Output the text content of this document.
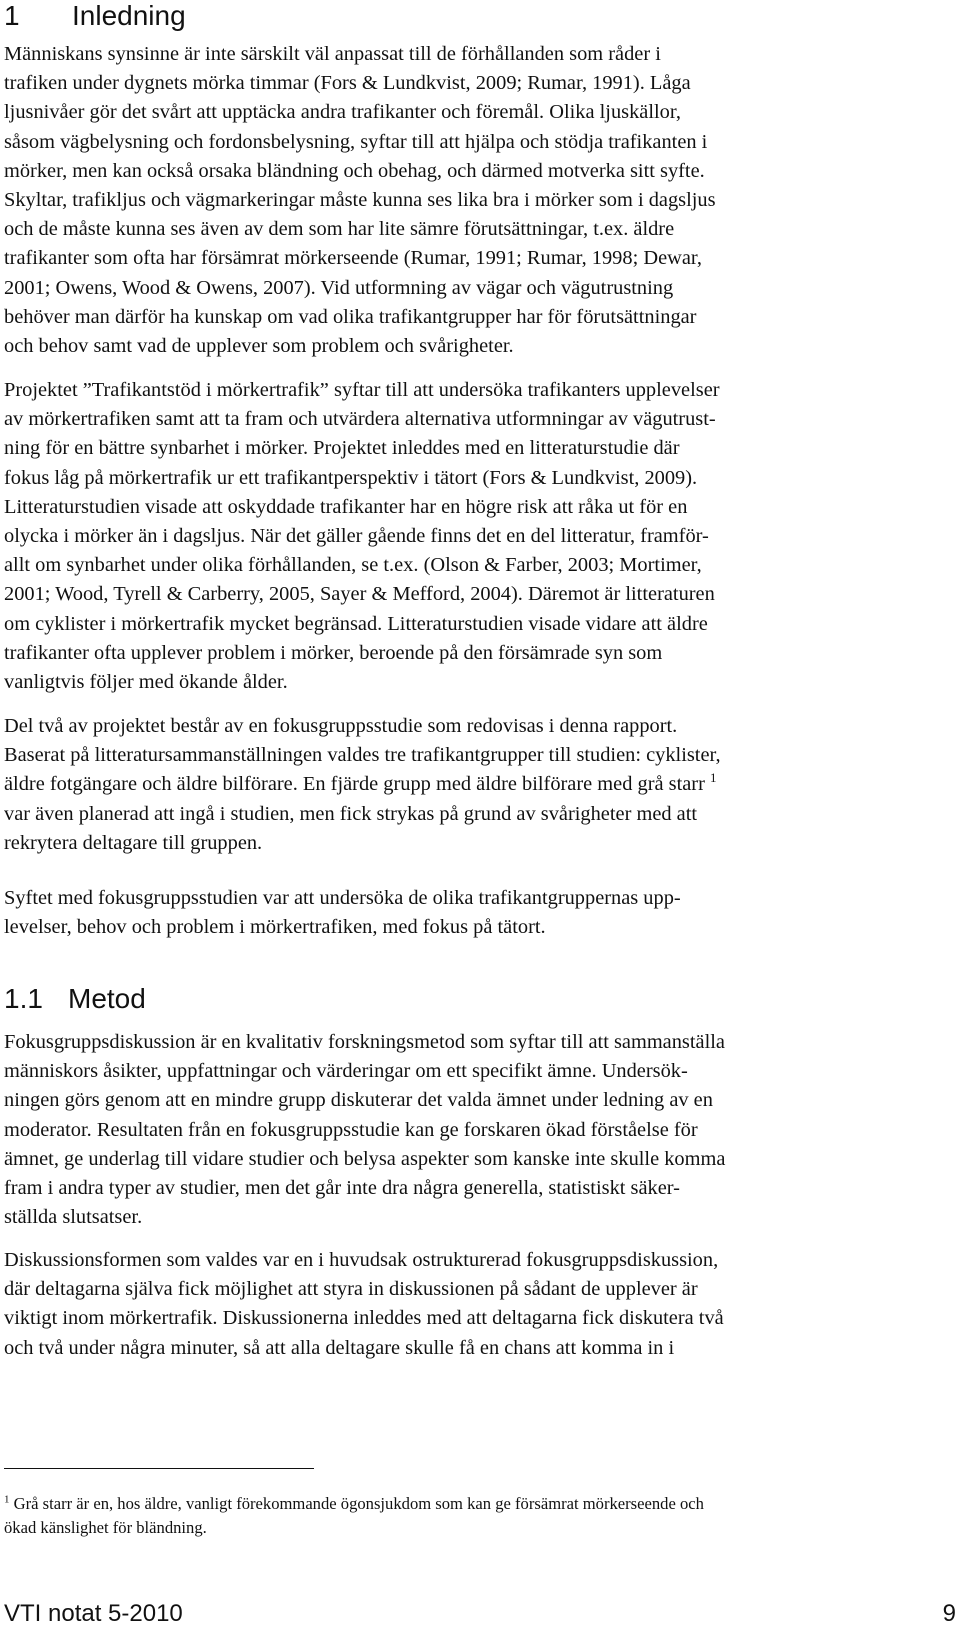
1 Inledning

Människans synsinne är inte särskilt väl anpassat till de förhållanden som råder i
trafiken under dygnets mörka timmar (Fors & Lundkvist, 2009; Rumar, 1991). Låga
ljusnivåer gör det svårt att upptäcka andra trafikanter och föremål. Olika ljuskällor,
såsom vägbelysning och fordonsbelysning, syftar till att hjälpa och stödja trafikanten i
mörker, men kan också orsaka bländning och obehag, och därmed motverka sitt syfte.
Skyltar, trafikljus och vägmarkeringar måste kunna ses lika bra i mörker som i dagsljus
och de måste kunna ses även av dem som har lite sämre förutsättningar, t.ex. äldre
trafikanter som ofta har försämrat mörkerseende (Rumar, 1991; Rumar, 1998; Dewar,
2001; Owens, Wood & Owens, 2007). Vid utformning av vägar och vägutrustning
behöver man därför ha kunskap om vad olika trafikantgrupper har för förutsättningar
och behov samt vad de upplever som problem och svårigheter.

Projektet ”Trafikantstöd i mörkertrafik” syftar till att undersöka trafikanters upplevelser
av mörkertrafiken samt att ta fram och utvärdera alternativa utformningar av vägutrust-
ning för en bättre synbarhet i mörker. Projektet inleddes med en litteraturstudie där
fokus låg på mörkertrafik ur ett trafikantperspektiv i tätort (Fors & Lundkvist, 2009).
Litteraturstudien visade att oskyddade trafikanter har en högre risk att råka ut för en
olycka i mörker än i dagsljus. När det gäller gående finns det en del litteratur, framför-
allt om synbarhet under olika förhållanden, se t.ex. (Olson & Farber, 2003; Mortimer,
2001; Wood, Tyrell & Carberry, 2005, Sayer & Mefford, 2004). Däremot är litteraturen
om cyklister i mörkertrafik mycket begränsad. Litteraturstudien visade vidare att äldre
trafikanter ofta upplever problem i mörker, beroende på den försämrade syn som
vanligtvis följer med ökande ålder.

Del två av projektet består av en fokusgruppsstudie som redovisas i denna rapport.
Baserat på litteratursammanställningen valdes tre trafikantgrupper till studien: cyklister,
äldre fotgängare och äldre bilförare. En fjärde grupp med äldre bilförare med grå starr $^1$
var även planerad att ingå i studien, men fick strykas på grund av svårigheter med att
rekrytera deltagare till gruppen.

Syftet med fokusgruppsstudien var att undersöka de olika trafikantgruppernas upp-
levelser, behov och problem i mörkertrafiken, med fokus på tätort.

1.1 Metod

Fokusgruppsdiskussion är en kvalitativ forskningsmetod som syftar till att sammanställa
människors åsikter, uppfattningar och värderingar om ett specifikt ämne. Undersök-
ningen görs genom att en mindre grupp diskuterar det valda ämnet under ledning av en
moderator. Resultaten från en fokusgruppsstudie kan ge forskaren ökad förståelse för
ämnet, ge underlag till vidare studier och belysa aspekter som kanske inte skulle komma
fram i andra typer av studier, men det går inte dra några generella, statistiskt säker-
ställda slutsatser.

Diskussionsformen som valdes var en i huvudsak ostrukturerad fokusgruppsdiskussion,
där deltagarna själva fick möjlighet att styra in diskussionen på sådant de upplever är
viktigt inom mörkertrafik. Diskussionerna inleddes med att deltagarna fick diskutera två
och två under några minuter, så att alla deltagare skulle få en chans att komma in i

$^1$ Grå starr är en, hos äldre, vanligt förekommande ögonsjukdom som kan ge försämrat mörkerseende och
ökad känslighet för bländning.

VTI notat 5-2010	9
